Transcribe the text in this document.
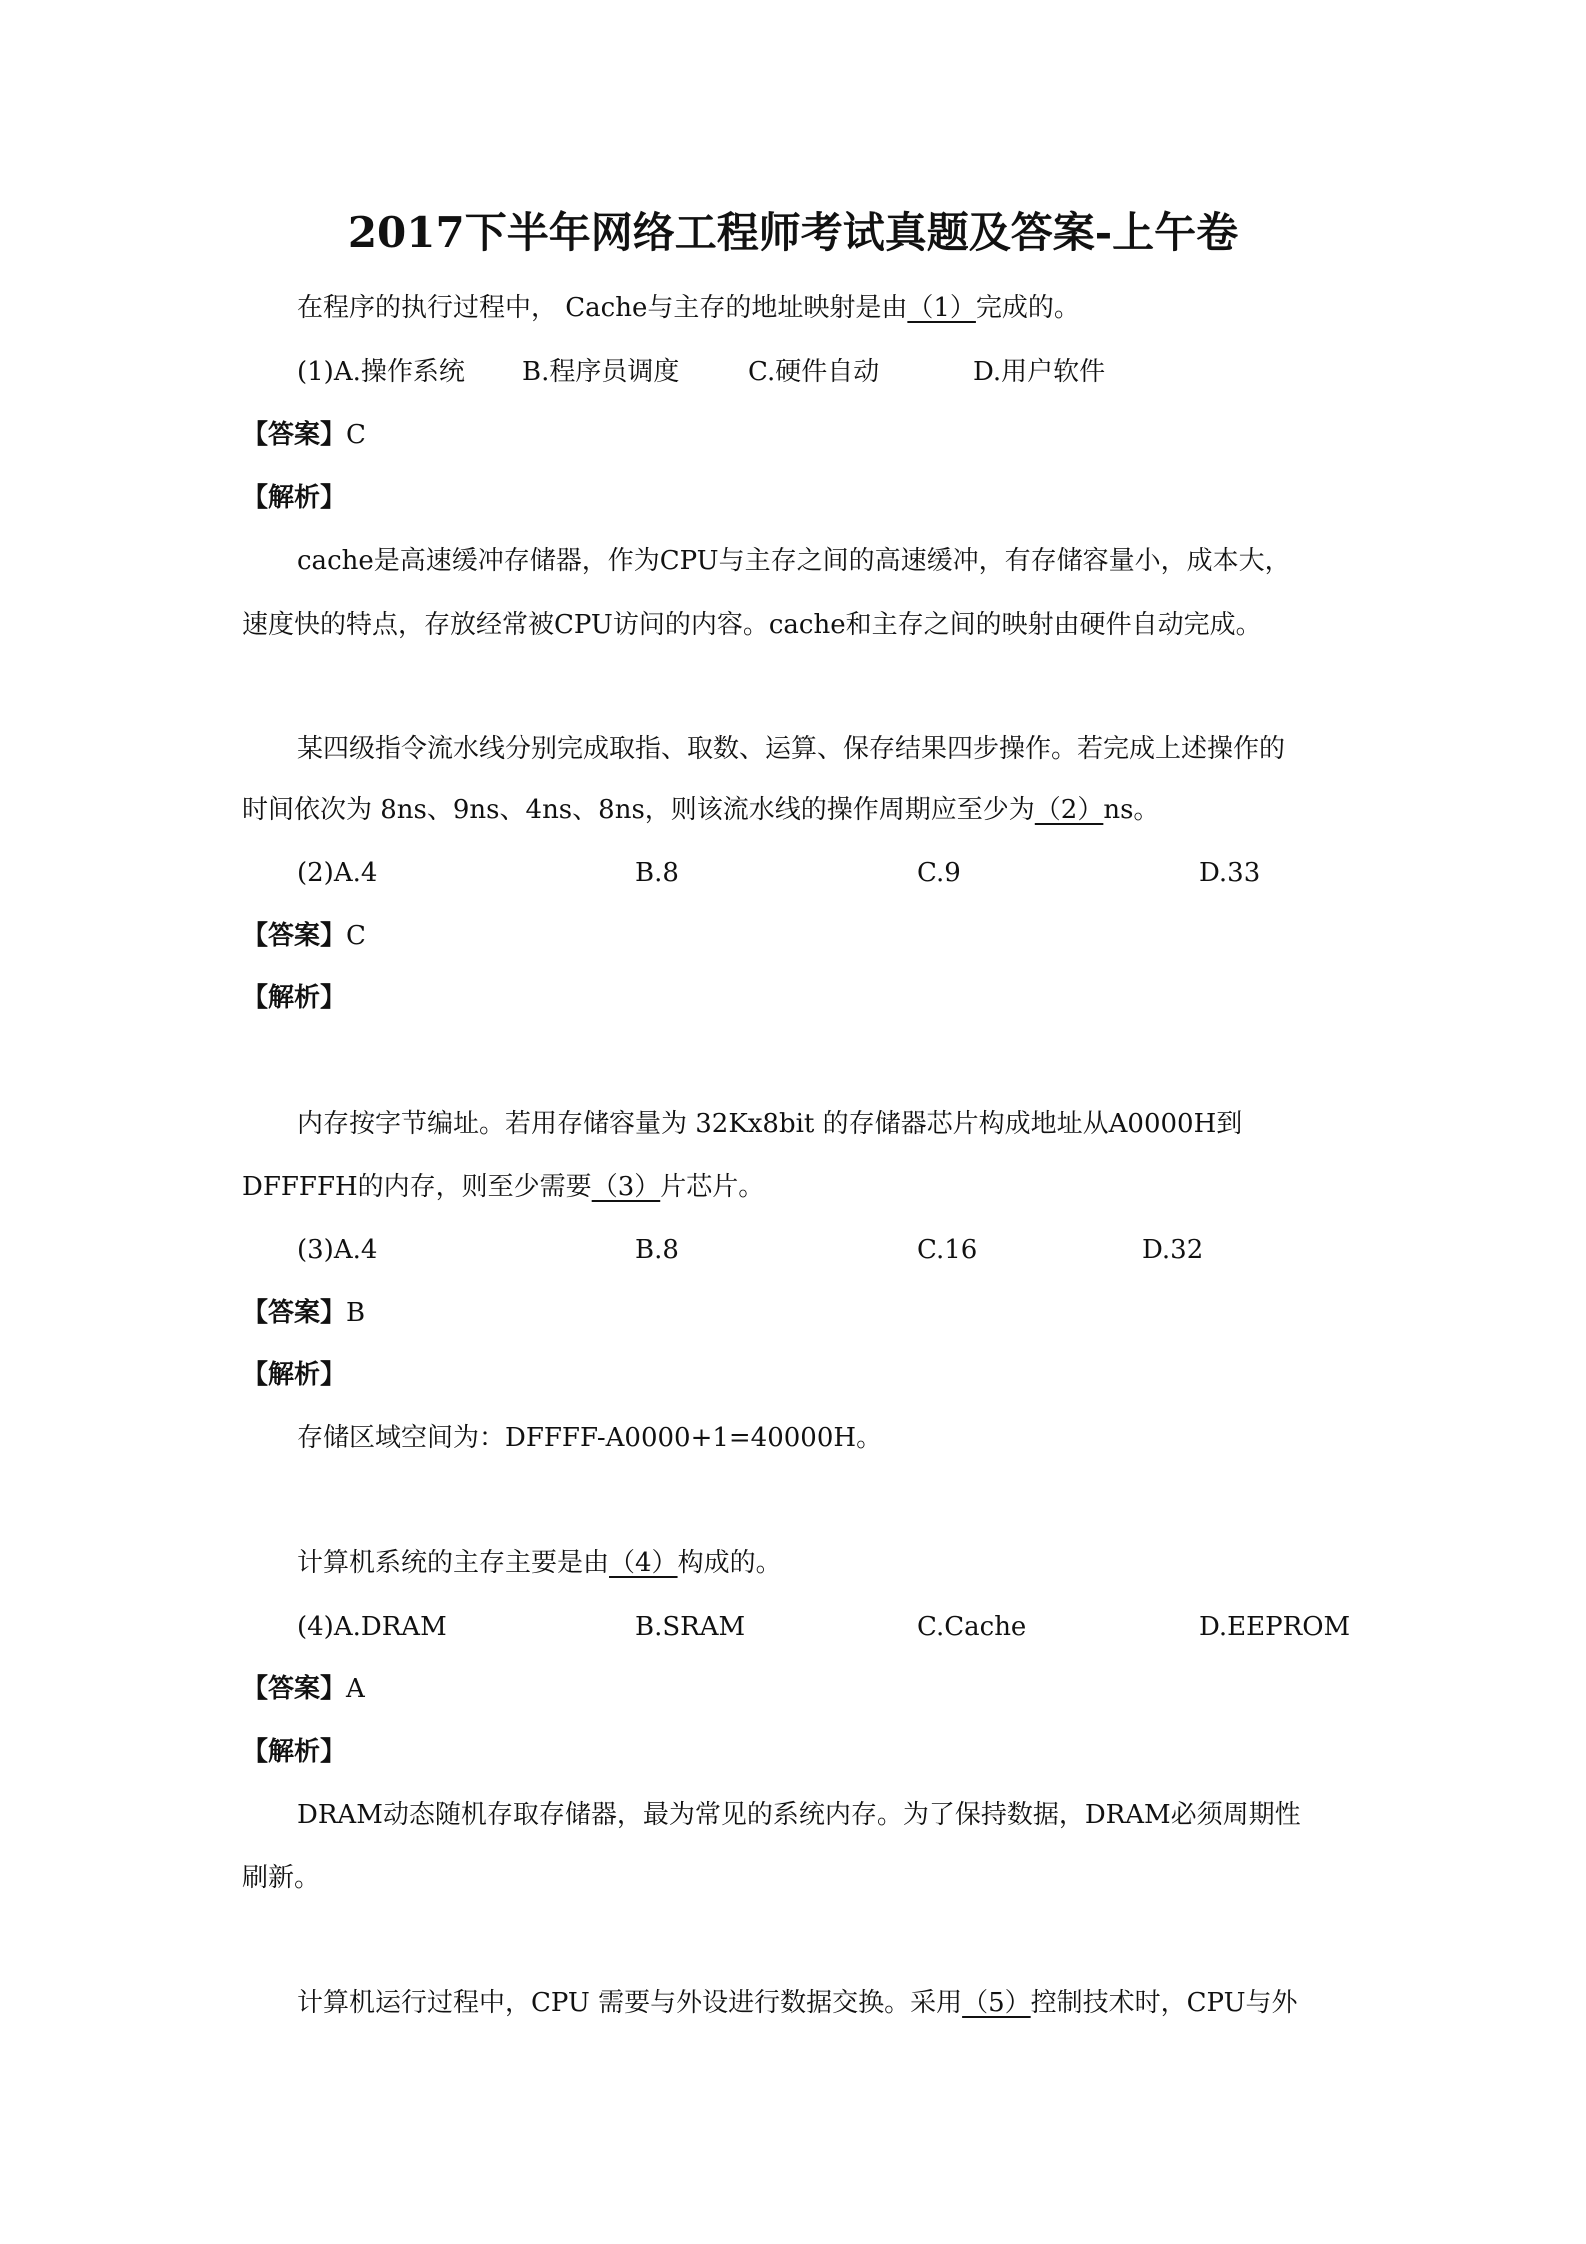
2017下半年网络工程师考试真题及答案-上午卷
在程序的执行过程中， Cache与主存的地址映射是由（1）完成的。
(1)A.操作系统 B.程序员调度	C.硬件自动	D.用户软件
【答案】C
【解析】
cache是高速缓冲存储器，作为CPU与主存之间的高速缓冲，有存储容量小，成本大，
速度快的特点，存放经常被CPU访问的内容。cache和主存之间的映射由硬件自动完成。
某四级指令流水线分别完成取指、取数、运算、保存结果四步操作。若完成上述操作的
时间依次为 8ns、9ns、4ns、8ns，则该流水线的操作周期应至少为（2）ns。
(2)A.4	B.8	C.9	D.33
【答案】C
【解析】
内存按字节编址。若用存储容量为 32Kx8bit 的存储器芯片构成地址从A0000H到
DFFFFH的内存，则至少需要（3）片芯片。
(3)A.4	B.8	C.16	D.32
【答案】B
【解析】
存储区域空间为：DFFFF-A0000+1=40000H。
计算机系统的主存主要是由（4）构成的。
(4)A.DRAM	B.SRAM	C.Cache	D.EEPROM
【答案】A
【解析】
DRAM动态随机存取存储器，最为常见的系统内存。为了保持数据，DRAM必须周期性
刷新。
计算机运行过程中，CPU 需要与外设进行数据交换。采用（5）控制技术时，CPU与外
